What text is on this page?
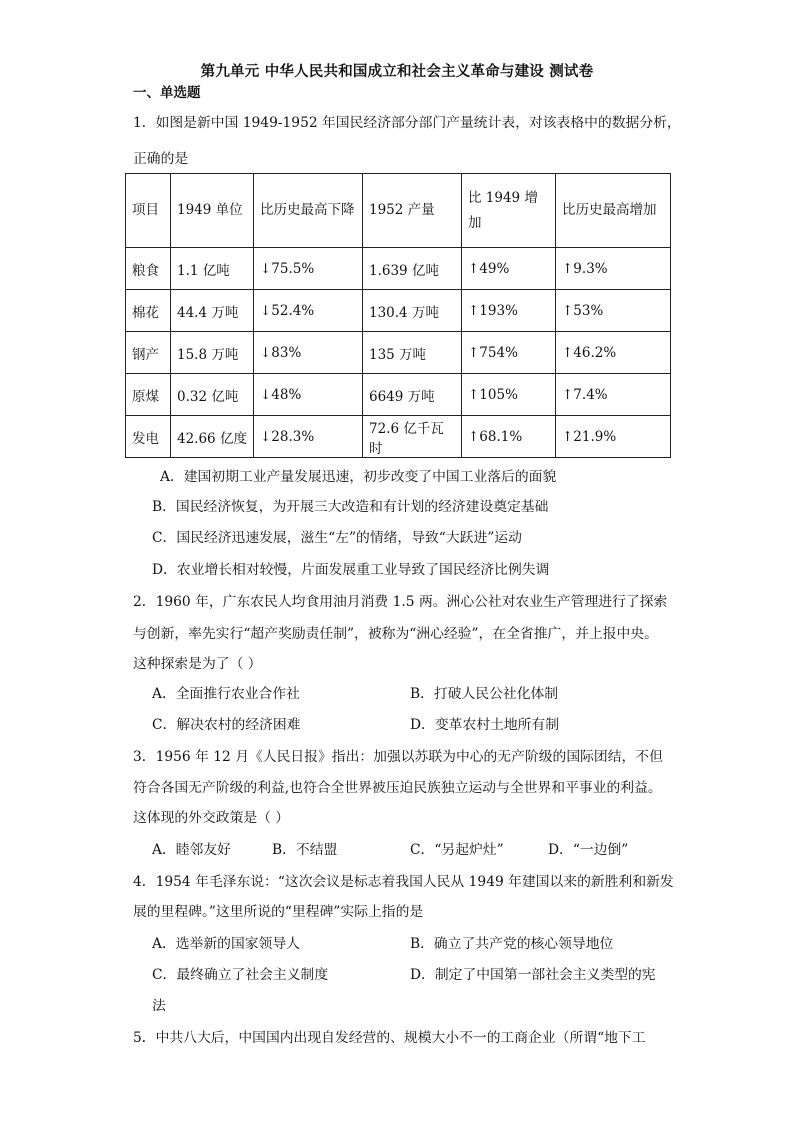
第九单元 中华人民共和国成立和社会主义革命与建设 测试卷
一、单选题
1．如图是新中国 1949-1952 年国民经济部分部门产量统计表，对该表格中的数据分析，
正确的是
项目	1949 单位	比历史最高下降	1952 产量	比 1949 增加	比历史最高增加
粮食	1.1 亿吨	↓75.5%	1.639 亿吨	↑49%	↑9.3%
棉花	44.4 万吨	↓52.4%	130.4 万吨	↑193%	↑53%
钢产	15.8 万吨	↓83%	135 万吨	↑754%	↑46.2%
原煤	0.32 亿吨	↓48%	6649 万吨	↑105%	↑7.4%
发电	42.66 亿度	↓28.3%	72.6 亿千瓦时	↑68.1%	↑21.9%
A．建国初期工业产量发展迅速，初步改变了中国工业落后的面貌
B．国民经济恢复，为开展三大改造和有计划的经济建设奠定基础
C．国民经济迅速发展，滋生“左”的情绪，导致“大跃进”运动
D．农业增长相对较慢，片面发展重工业导致了国民经济比例失调
2．1960 年，广东农民人均食用油月消费 1.5 两。洲心公社对农业生产管理进行了探索
与创新，率先实行“超产奖励责任制”，被称为“洲心经验”，在全省推广，并上报中央。
这种探索是为了（ ）
A．全面推行农业合作社	B．打破人民公社化体制
C．解决农村的经济困难	D．变革农村土地所有制
3．1956 年 12 月《人民日报》指出：加强以苏联为中心的无产阶级的国际团结，不但
符合各国无产阶级的利益,也符合全世界被压迫民族独立运动与全世界和平事业的利益。
这体现的外交政策是（ ）
A．睦邻友好	B．不结盟	C．“另起炉灶”	D．“一边倒”
4．1954 年毛泽东说：“这次会议是标志着我国人民从 1949 年建国以来的新胜利和新发
展的里程碑。”这里所说的“里程碑”实际上指的是
A．选举新的国家领导人	B．确立了共产党的核心领导地位
C．最终确立了社会主义制度	D．制定了中国第一部社会主义类型的宪
法
5．中共八大后，中国国内出现自发经营的、规模大小不一的工商企业（所谓“地下工
